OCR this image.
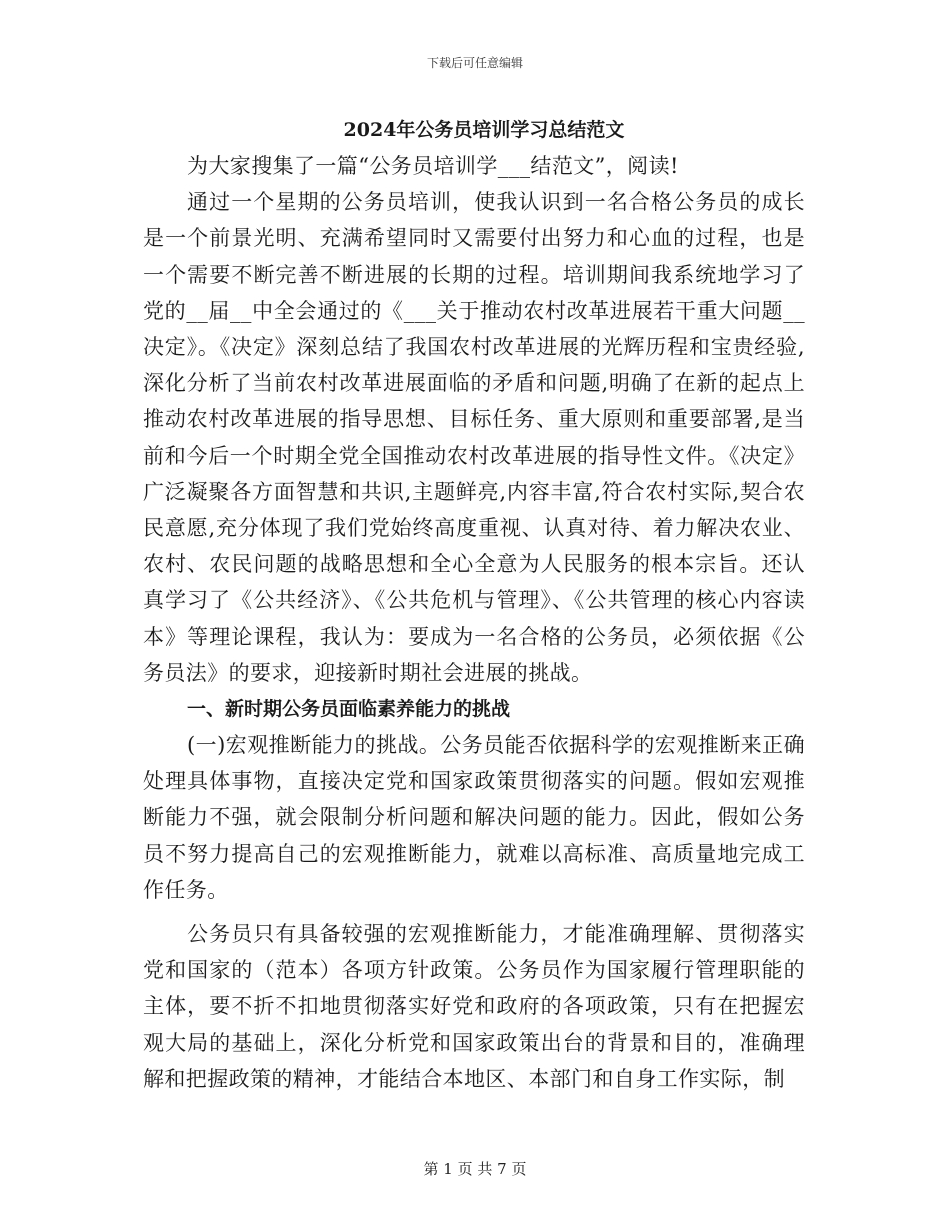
下载后可任意编辑
2024年公务员培训学习总结范文

为大家搜集了一篇“公务员培训学___结范文”，阅读!

通过一个星期的公务员培训，使我认识到一名合格公务员的成长是一个前景光明、充满希望同时又需要付出努力和心血的过程，也是一个需要不断完善不断进展的长期的过程。培训期间我系统地学习了党的__届__中全会通过的《___关于推动农村改革进展若干重大问题__决定》。《决定》深刻总结了我国农村改革进展的光辉历程和宝贵经验,深化分析了当前农村改革进展面临的矛盾和问题,明确了在新的起点上推动农村改革进展的指导思想、目标任务、重大原则和重要部署,是当前和今后一个时期全党全国推动农村改革进展的指导性文件。《决定》广泛凝聚各方面智慧和共识,主题鲜亮,内容丰富,符合农村实际,契合农民意愿,充分体现了我们党始终高度重视、认真对待、着力解决农业、农村、农民问题的战略思想和全心全意为人民服务的根本宗旨。还认真学习了《公共经济》、《公共危机与管理》、《公共管理的核心内容读本》等理论课程，我认为：要成为一名合格的公务员，必须依据《公务员法》的要求，迎接新时期社会进展的挑战。

一、新时期公务员面临素养能力的挑战

(一)宏观推断能力的挑战。公务员能否依据科学的宏观推断来正确处理具体事物，直接决定党和国家政策贯彻落实的问题。假如宏观推断能力不强，就会限制分析问题和解决问题的能力。因此，假如公务员不努力提高自己的宏观推断能力，就难以高标准、高质量地完成工作任务。

公务员只有具备较强的宏观推断能力，才能准确理解、贯彻落实党和国家的（范本）各项方针政策。公务员作为国家履行管理职能的主体，要不折不扣地贯彻落实好党和政府的各项政策，只有在把握宏观大局的基础上，深化分析党和国家政策出台的背景和目的，准确理解和把握政策的精神，才能结合本地区、本部门和自身工作实际，制

第 1 页 共 7 页
